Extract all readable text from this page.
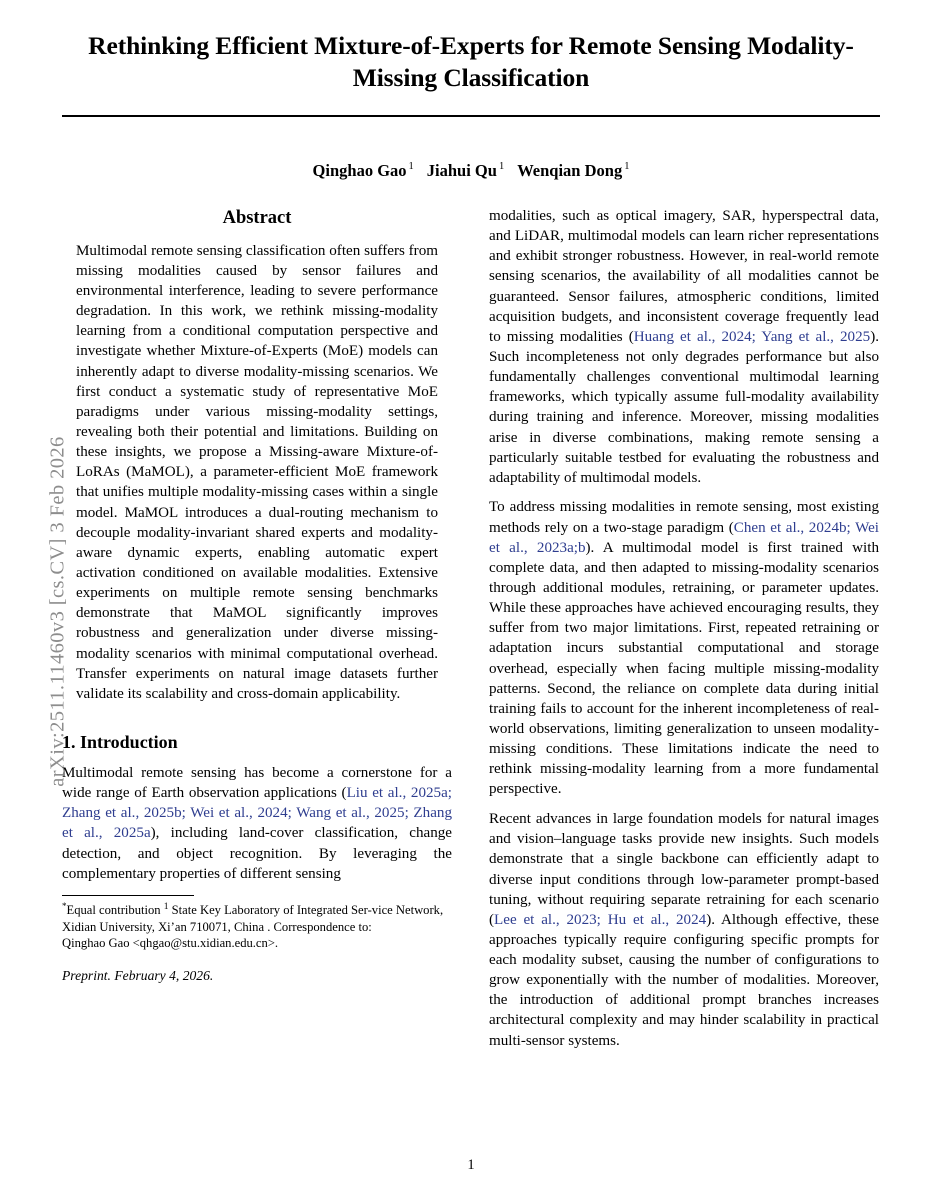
arXiv:2511.11460v3 [cs.CV] 3 Feb 2026
Rethinking Efficient Mixture-of-Experts for Remote Sensing Modality-Missing Classification
Qinghao Gao $^1$ Jiahui Qu $^1$ Wenqian Dong $^1$
Abstract

Multimodal remote sensing classification often suffers from missing modalities caused by sensor failures and environmental interference, leading to severe performance degradation. In this work, we rethink missing-modality learning from a conditional computation perspective and investigate whether Mixture-of-Experts (MoE) models can inherently adapt to diverse modality-missing scenarios. We first conduct a systematic study of representative MoE paradigms under various missing-modality settings, revealing both their potential and limitations. Building on these insights, we propose a Missing-aware Mixture-of-LoRAs (MaMOL), a parameter-efficient MoE framework that unifies multiple modality-missing cases within a single model. MaMOL introduces a dual-routing mechanism to decouple modality-invariant shared experts and modality-aware dynamic experts, enabling automatic expert activation conditioned on available modalities. Extensive experiments on multiple remote sensing benchmarks demonstrate that MaMOL significantly improves robustness and generalization under diverse missing-modality scenarios with minimal computational overhead. Transfer experiments on natural image datasets further validate its scalability and cross-domain applicability.

1. Introduction

Multimodal remote sensing has become a cornerstone for a wide range of Earth observation applications (Liu et al., 2025a; Zhang et al., 2025b; Wei et al., 2024; Wang et al., 2025; Zhang et al., 2025a), including land-cover classification, change detection, and object recognition. By leveraging the complementary properties of different sensing

*Equal contribution $^1$ State Key Laboratory of Integrated Ser-vice Network,

Xidian University, Xi’an 710071, China . Correspondence to:
Qinghao Gao <qhgao@stu.xidian.edu.cn>.

Preprint. February 4, 2026.

modalities, such as optical imagery, SAR, hyperspectral data, and LiDAR, multimodal models can learn richer representations and exhibit stronger robustness. However, in real-world remote sensing scenarios, the availability of all modalities cannot be guaranteed. Sensor failures, atmospheric conditions, limited acquisition budgets, and inconsistent coverage frequently lead to missing modalities (Huang et al., 2024; Yang et al., 2025). Such incompleteness not only degrades performance but also fundamentally challenges conventional multimodal learning frameworks, which typically assume full-modality availability during training and inference. Moreover, missing modalities arise in diverse combinations, making remote sensing a particularly suitable testbed for evaluating the robustness and adaptability of multimodal models.

To address missing modalities in remote sensing, most existing methods rely on a two-stage paradigm (Chen et al., 2024b; Wei et al., 2023a;b). A multimodal model is first trained with complete data, and then adapted to missing-modality scenarios through additional modules, retraining, or parameter updates. While these approaches have achieved encouraging results, they suffer from two major limitations. First, repeated retraining or adaptation incurs substantial computational and storage overhead, especially when facing multiple missing-modality patterns. Second, the reliance on complete data during initial training fails to account for the inherent incompleteness of real-world observations, limiting generalization to unseen modality-missing conditions. These limitations indicate the need to rethink missing-modality learning from a more fundamental perspective.

Recent advances in large foundation models for natural images and vision–language tasks provide new insights. Such models demonstrate that a single backbone can efficiently adapt to diverse input conditions through low-parameter prompt-based tuning, without requiring separate retraining for each scenario (Lee et al., 2023; Hu et al., 2024). Although effective, these approaches typically require configuring specific prompts for each modality subset, causing the number of configurations to grow exponentially with the number of modalities. Moreover, the introduction of additional prompt branches increases architectural complexity and may hinder scalability in practical multi-sensor systems.

1
